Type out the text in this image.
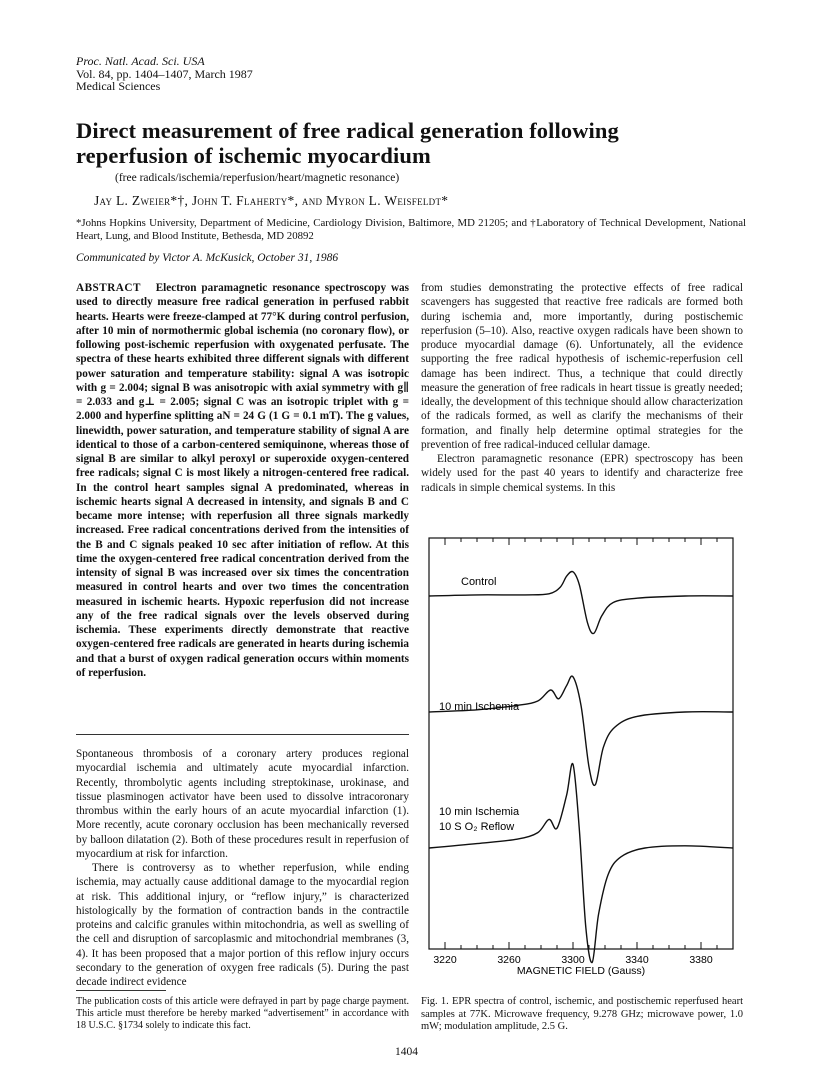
Proc. Natl. Acad. Sci. USA
Vol. 84, pp. 1404–1407, March 1987
Medical Sciences
Direct measurement of free radical generation following reperfusion of ischemic myocardium
(free radicals/ischemia/reperfusion/heart/magnetic resonance)
Jay L. Zweier*†, John T. Flaherty*, and Myron L. Weisfeldt*
*Johns Hopkins University, Department of Medicine, Cardiology Division, Baltimore, MD 21205; and †Laboratory of Technical Development, National Heart, Lung, and Blood Institute, Bethesda, MD 20892
Communicated by Victor A. McKusick, October 31, 1986
ABSTRACT Electron paramagnetic resonance spectroscopy was used to directly measure free radical generation in perfused rabbit hearts. Hearts were freeze-clamped at 77°K during control perfusion, after 10 min of normothermic global ischemia (no coronary flow), or following post-ischemic reperfusion with oxygenated perfusate. The spectra of these hearts exhibited three different signals with different power saturation and temperature stability: signal A was isotropic with g = 2.004; signal B was anisotropic with axial symmetry with g∥ = 2.033 and g⊥ = 2.005; signal C was an isotropic triplet with g = 2.000 and hyperfine splitting aN = 24 G (1 G = 0.1 mT). The g values, linewidth, power saturation, and temperature stability of signal A are identical to those of a carbon-centered semiquinone, whereas those of signal B are similar to alkyl peroxyl or superoxide oxygen-centered free radicals; signal C is most likely a nitrogen-centered free radical. In the control heart samples signal A predominated, whereas in ischemic hearts signal A decreased in intensity, and signals B and C became more intense; with reperfusion all three signals markedly increased. Free radical concentrations derived from the intensities of the B and C signals peaked 10 sec after initiation of reflow. At this time the oxygen-centered free radical concentration derived from the intensity of signal B was increased over six times the concentration measured in control hearts and over two times the concentration measured in ischemic hearts. Hypoxic reperfusion did not increase any of the free radical signals over the levels observed during ischemia. These experiments directly demonstrate that reactive oxygen-centered free radicals are generated in hearts during ischemia and that a burst of oxygen radical generation occurs within moments of reperfusion.

Spontaneous thrombosis of a coronary artery produces regional myocardial ischemia and ultimately acute myocardial infarction. Recently, thrombolytic agents including streptokinase, urokinase, and tissue plasminogen activator have been used to dissolve intracoronary thrombus within the early hours of an acute myocardial infarction (1). More recently, acute coronary occlusion has been mechanically reversed by balloon dilatation (2). Both of these procedures result in reperfusion of myocardium at risk for infarction.

There is controversy as to whether reperfusion, while ending ischemia, may actually cause additional damage to the myocardial region at risk. This additional injury, or “reflow injury,” is characterized histologically by the formation of contraction bands in the contractile proteins and calcific granules within mitochondria, as well as swelling of the cell and disruption of sarcoplasmic and mitochondrial membranes (3, 4). It has been proposed that a major portion of this reflow injury occurs secondary to the generation of oxygen free radicals (5). During the past decade indirect evidence

from studies demonstrating the protective effects of free radical scavengers has suggested that reactive free radicals are formed both during ischemia and, more importantly, during postischemic reperfusion (5–10). Also, reactive oxygen radicals have been shown to produce myocardial damage (6). Unfortunately, all the evidence supporting the free radical hypothesis of ischemic-reperfusion cell damage has been indirect. Thus, a technique that could directly measure the generation of free radicals in heart tissue is greatly needed; ideally, the development of this technique should allow characterization of the radicals formed, as well as clarify the mechanisms of their formation, and finally help determine optimal strategies for the prevention of free radical-induced cellular damage.

Electron paramagnetic resonance (EPR) spectroscopy has been widely used for the past 40 years to identify and characterize free radicals in simple chemical systems. In this

3220	3260	3300	3340	3380
Control
10 min Ischemia
10 min Ischemia
10 S O₂ Reflow
MAGNETIC FIELD (Gauss)
The publication costs of this article were defrayed in part by page charge payment. This article must therefore be hereby marked “advertisement” in accordance with 18 U.S.C. §1734 solely to indicate this fact.
Fig. 1. EPR spectra of control, ischemic, and postischemic reperfused heart samples at 77K. Microwave frequency, 9.278 GHz; microwave power, 1.0 mW; modulation amplitude, 2.5 G.
1404
